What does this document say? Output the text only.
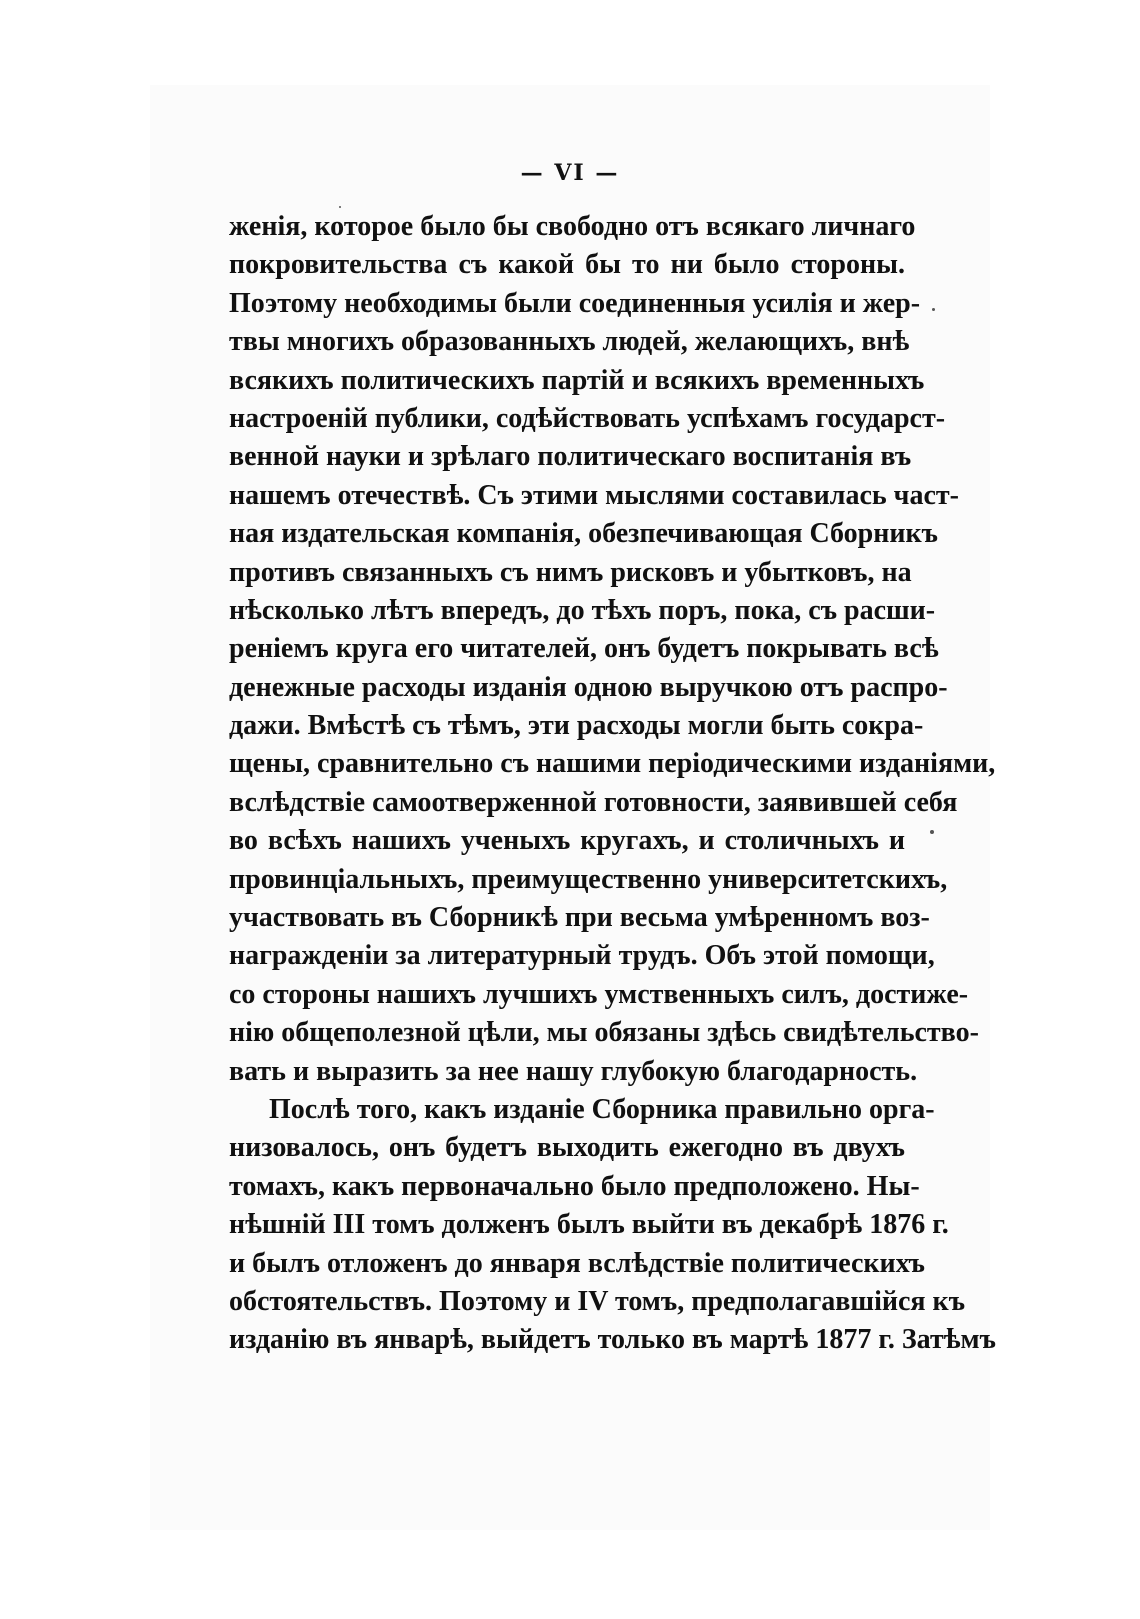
— VI —
женія, которое было бы свободно отъ всякаго личнаго
покровительства съ какой бы то ни было стороны.
Поэтому необходимы были соединенныя усилія и жер-
твы многихъ образованныхъ людей, желающихъ, внѣ
всякихъ политическихъ партій и всякихъ временныхъ
настроеній публики, содѣйствовать успѣхамъ государст-
венной науки и зрѣлаго политическаго воспитанія въ
нашемъ отечествѣ. Съ этими мыслями составилась част-
ная издательская компанія, обезпечивающая Сборникъ
противъ связанныхъ съ нимъ рисковъ и убытковъ, на
нѣсколько лѣтъ впередъ, до тѣхъ поръ, пока, съ расши-
реніемъ круга его читателей, онъ будетъ покрывать всѣ
денежные расходы изданія одною выручкою отъ распро-
дажи. Вмѣстѣ съ тѣмъ, эти расходы могли быть сокра-
щены, сравнительно съ нашими періодическими изданіями,
вслѣдствіе самоотверженной готовности, заявившей себя
во всѣхъ нашихъ ученыхъ кругахъ, и столичныхъ и
провинціальныхъ, преимущественно университетскихъ,
участвовать въ Сборникѣ при весьма умѣренномъ воз-
награжденіи за литературный трудъ. Объ этой помощи,
со стороны нашихъ лучшихъ умственныхъ силъ, достиже-
нію общеполезной цѣли, мы обязаны здѣсь свидѣтельство-
вать и выразить за нее нашу глубокую благодарность.
Послѣ того, какъ изданіе Сборника правильно орга-
низовалось, онъ будетъ выходить ежегодно въ двухъ
томахъ, какъ первоначально было предположено. Ны-
нѣшній III томъ долженъ былъ выйти въ декабрѣ 1876 г.
и былъ отложенъ до января вслѣдствіе политическихъ
обстоятельствъ. Поэтому и IV томъ, предполагавшійся къ
изданію въ январѣ, выйдетъ только въ мартѣ 1877 г. Затѣмъ
